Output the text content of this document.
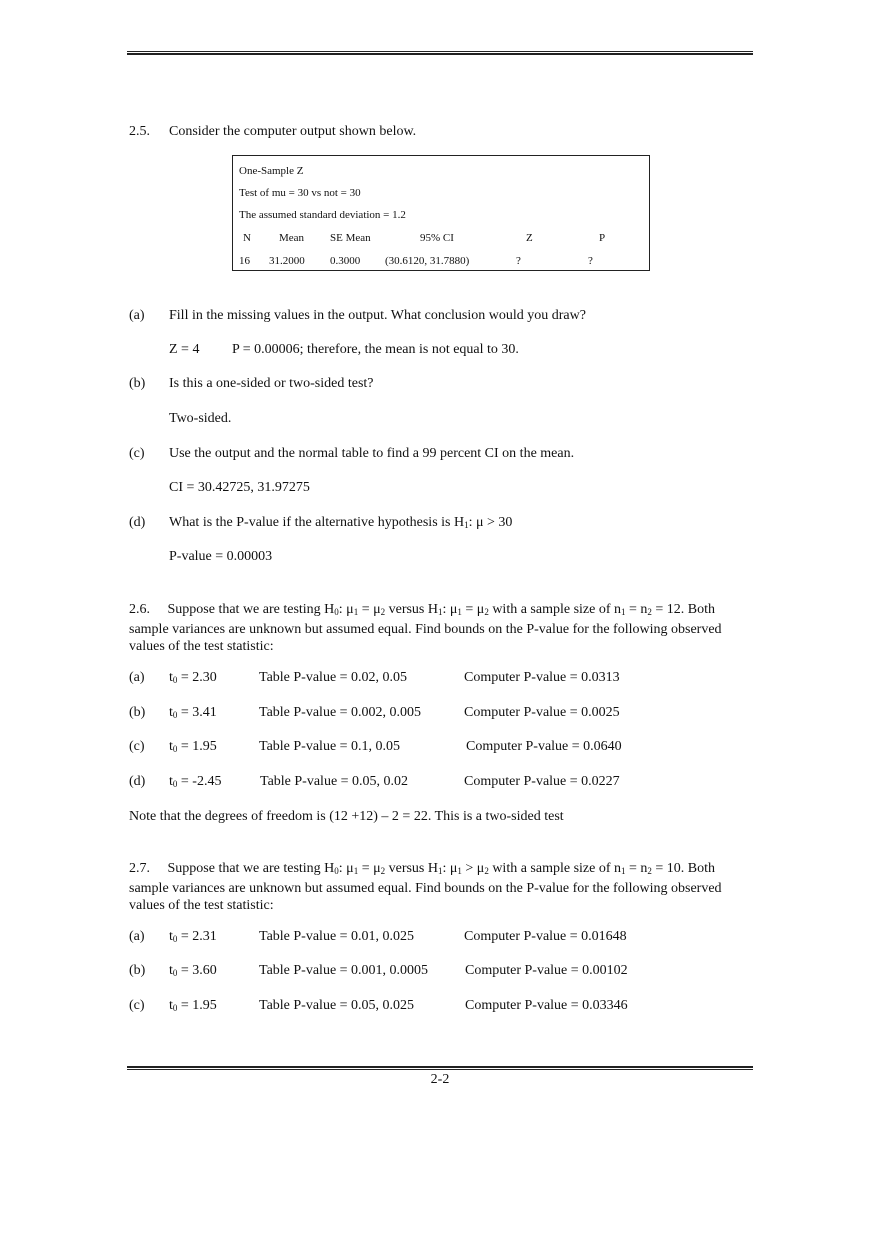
2.5. Consider the computer output shown below.
One-Sample Z
Test of mu = 30 vs not = 30
The assumed standard deviation = 1.2
N	Mean SE Mean	95% CI	Z	P
16 31.2000 0.3000 (30.6120, 31.7880)	?	?
(a) Fill in the missing values in the output. What conclusion would you draw?
Z = 4 P = 0.00006; therefore, the mean is not equal to 30.
(b) Is this a one-sided or two-sided test?
Two-sided.
(c) Use the output and the normal table to find a 99 percent CI on the mean.
CI = 30.42725, 31.97275
(d) What is the P-value if the alternative hypothesis is $H_1$: μ > 30
P-value = 0.00003
2.6.     Suppose that we are testing $H_0$: $\mu_1 = \mu_2$ versus $H_1$: $\mu_1 = \mu_2$ with a sample size of $n_1 = n_2 = 12$. Both sample variances are unknown but assumed equal. Find bounds on the P-value for the following observed values of the test statistic:
(a) $t_0 = 2.30$	Table P-value = 0.02, 0.05	Computer P-value = 0.0313
(b) $t_0 = 3.41$	Table P-value = 0.002, 0.005	Computer P-value = 0.0025
(c) $t_0 = 1.95$	Table P-value = 0.1, 0.05	Computer P-value = 0.0640
(d) $t_0 = -2.45$	Table P-value = 0.05, 0.02	Computer P-value = 0.0227
Note that the degrees of freedom is (12 +12) – 2 = 22. This is a two-sided test
2.7.     Suppose that we are testing $H_0$: $\mu_1 = \mu_2$ versus $H_1$: $\mu_1 > \mu_2$ with a sample size of $n_1 = n_2 = 10$. Both sample variances are unknown but assumed equal. Find bounds on the P-value for the following observed values of the test statistic:
(a) $t_0 = 2.31$	Table P-value = 0.01, 0.025	Computer P-value = 0.01648
(b) $t_0 = 3.60$	Table P-value = 0.001, 0.0005	Computer P-value = 0.00102
(c) $t_0 = 1.95$	Table P-value = 0.05, 0.025	Computer P-value = 0.03346
2-2
